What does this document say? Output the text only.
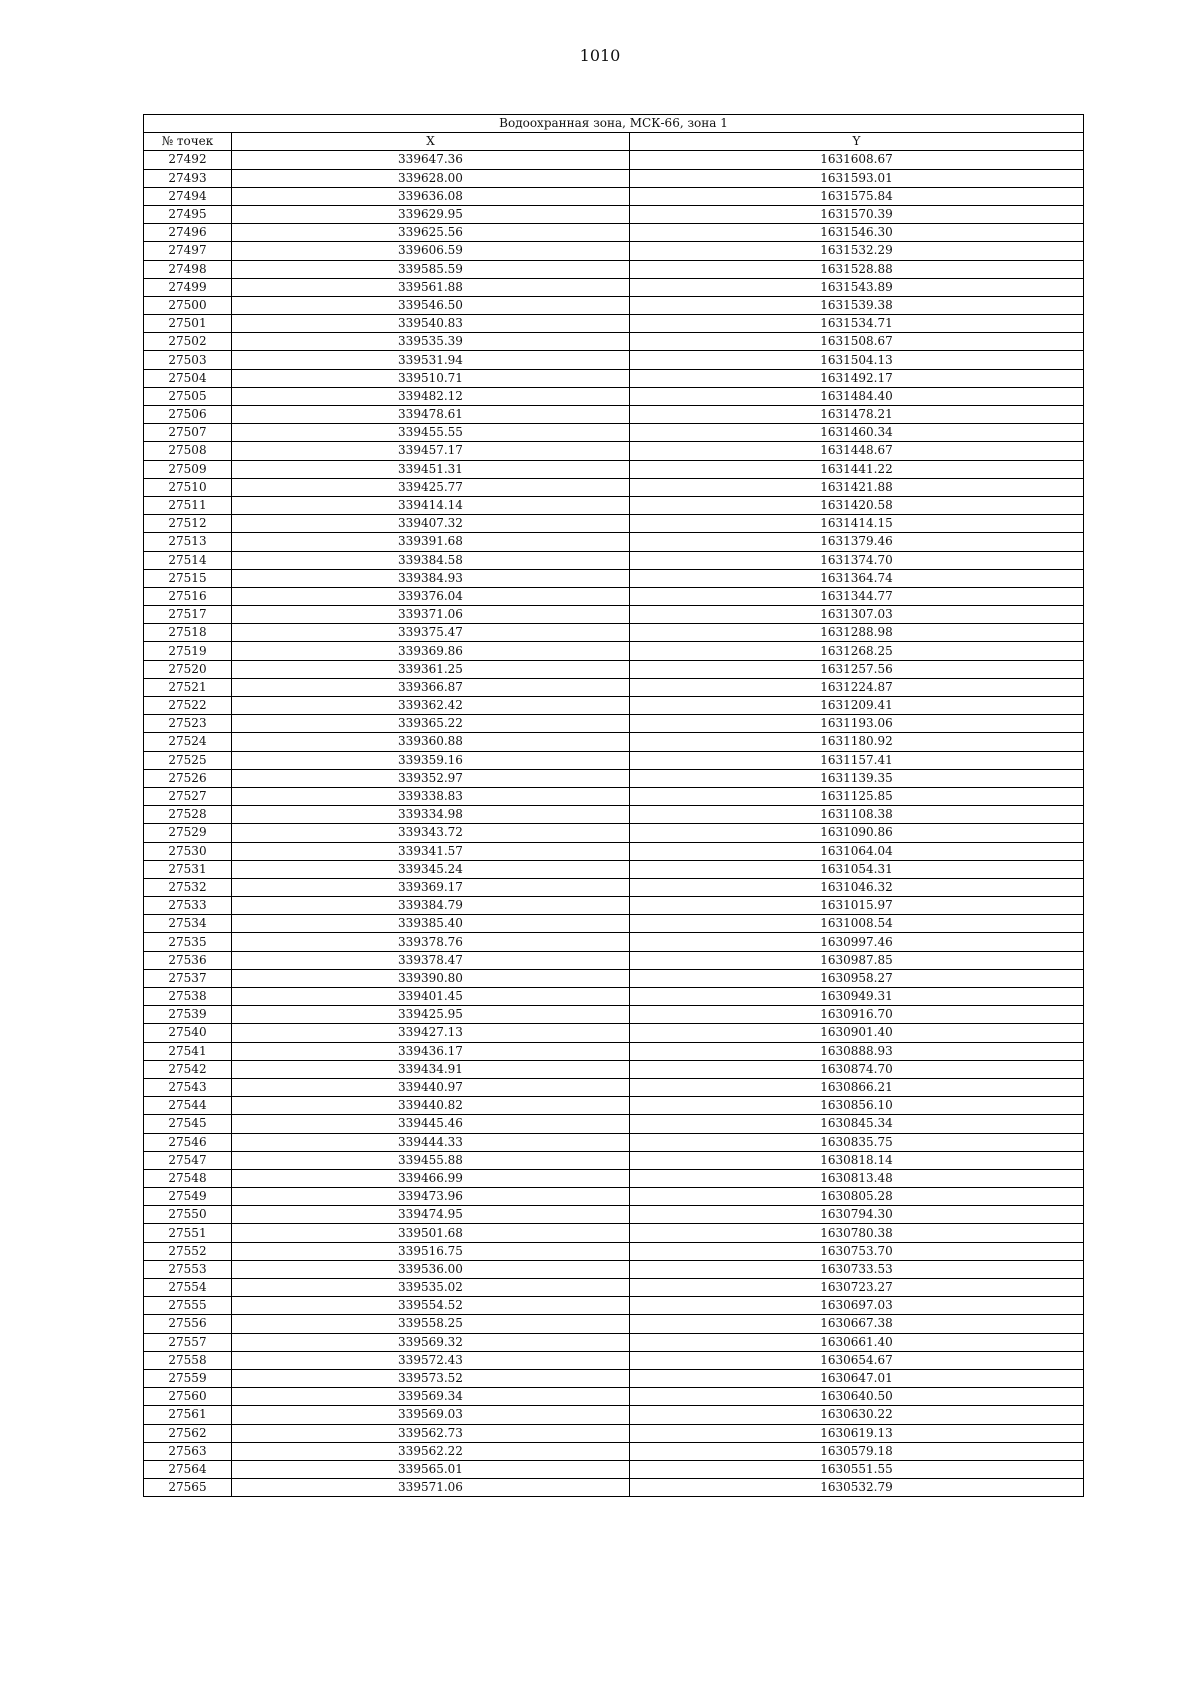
1010
Водоохранная зона, МСК-66, зона 1		
№ точек	X	Y
27492	339647.36	1631608.67
27493	339628.00	1631593.01
27494	339636.08	1631575.84
27495	339629.95	1631570.39
27496	339625.56	1631546.30
27497	339606.59	1631532.29
27498	339585.59	1631528.88
27499	339561.88	1631543.89
27500	339546.50	1631539.38
27501	339540.83	1631534.71
27502	339535.39	1631508.67
27503	339531.94	1631504.13
27504	339510.71	1631492.17
27505	339482.12	1631484.40
27506	339478.61	1631478.21
27507	339455.55	1631460.34
27508	339457.17	1631448.67
27509	339451.31	1631441.22
27510	339425.77	1631421.88
27511	339414.14	1631420.58
27512	339407.32	1631414.15
27513	339391.68	1631379.46
27514	339384.58	1631374.70
27515	339384.93	1631364.74
27516	339376.04	1631344.77
27517	339371.06	1631307.03
27518	339375.47	1631288.98
27519	339369.86	1631268.25
27520	339361.25	1631257.56
27521	339366.87	1631224.87
27522	339362.42	1631209.41
27523	339365.22	1631193.06
27524	339360.88	1631180.92
27525	339359.16	1631157.41
27526	339352.97	1631139.35
27527	339338.83	1631125.85
27528	339334.98	1631108.38
27529	339343.72	1631090.86
27530	339341.57	1631064.04
27531	339345.24	1631054.31
27532	339369.17	1631046.32
27533	339384.79	1631015.97
27534	339385.40	1631008.54
27535	339378.76	1630997.46
27536	339378.47	1630987.85
27537	339390.80	1630958.27
27538	339401.45	1630949.31
27539	339425.95	1630916.70
27540	339427.13	1630901.40
27541	339436.17	1630888.93
27542	339434.91	1630874.70
27543	339440.97	1630866.21
27544	339440.82	1630856.10
27545	339445.46	1630845.34
27546	339444.33	1630835.75
27547	339455.88	1630818.14
27548	339466.99	1630813.48
27549	339473.96	1630805.28
27550	339474.95	1630794.30
27551	339501.68	1630780.38
27552	339516.75	1630753.70
27553	339536.00	1630733.53
27554	339535.02	1630723.27
27555	339554.52	1630697.03
27556	339558.25	1630667.38
27557	339569.32	1630661.40
27558	339572.43	1630654.67
27559	339573.52	1630647.01
27560	339569.34	1630640.50
27561	339569.03	1630630.22
27562	339562.73	1630619.13
27563	339562.22	1630579.18
27564	339565.01	1630551.55
27565	339571.06	1630532.79
